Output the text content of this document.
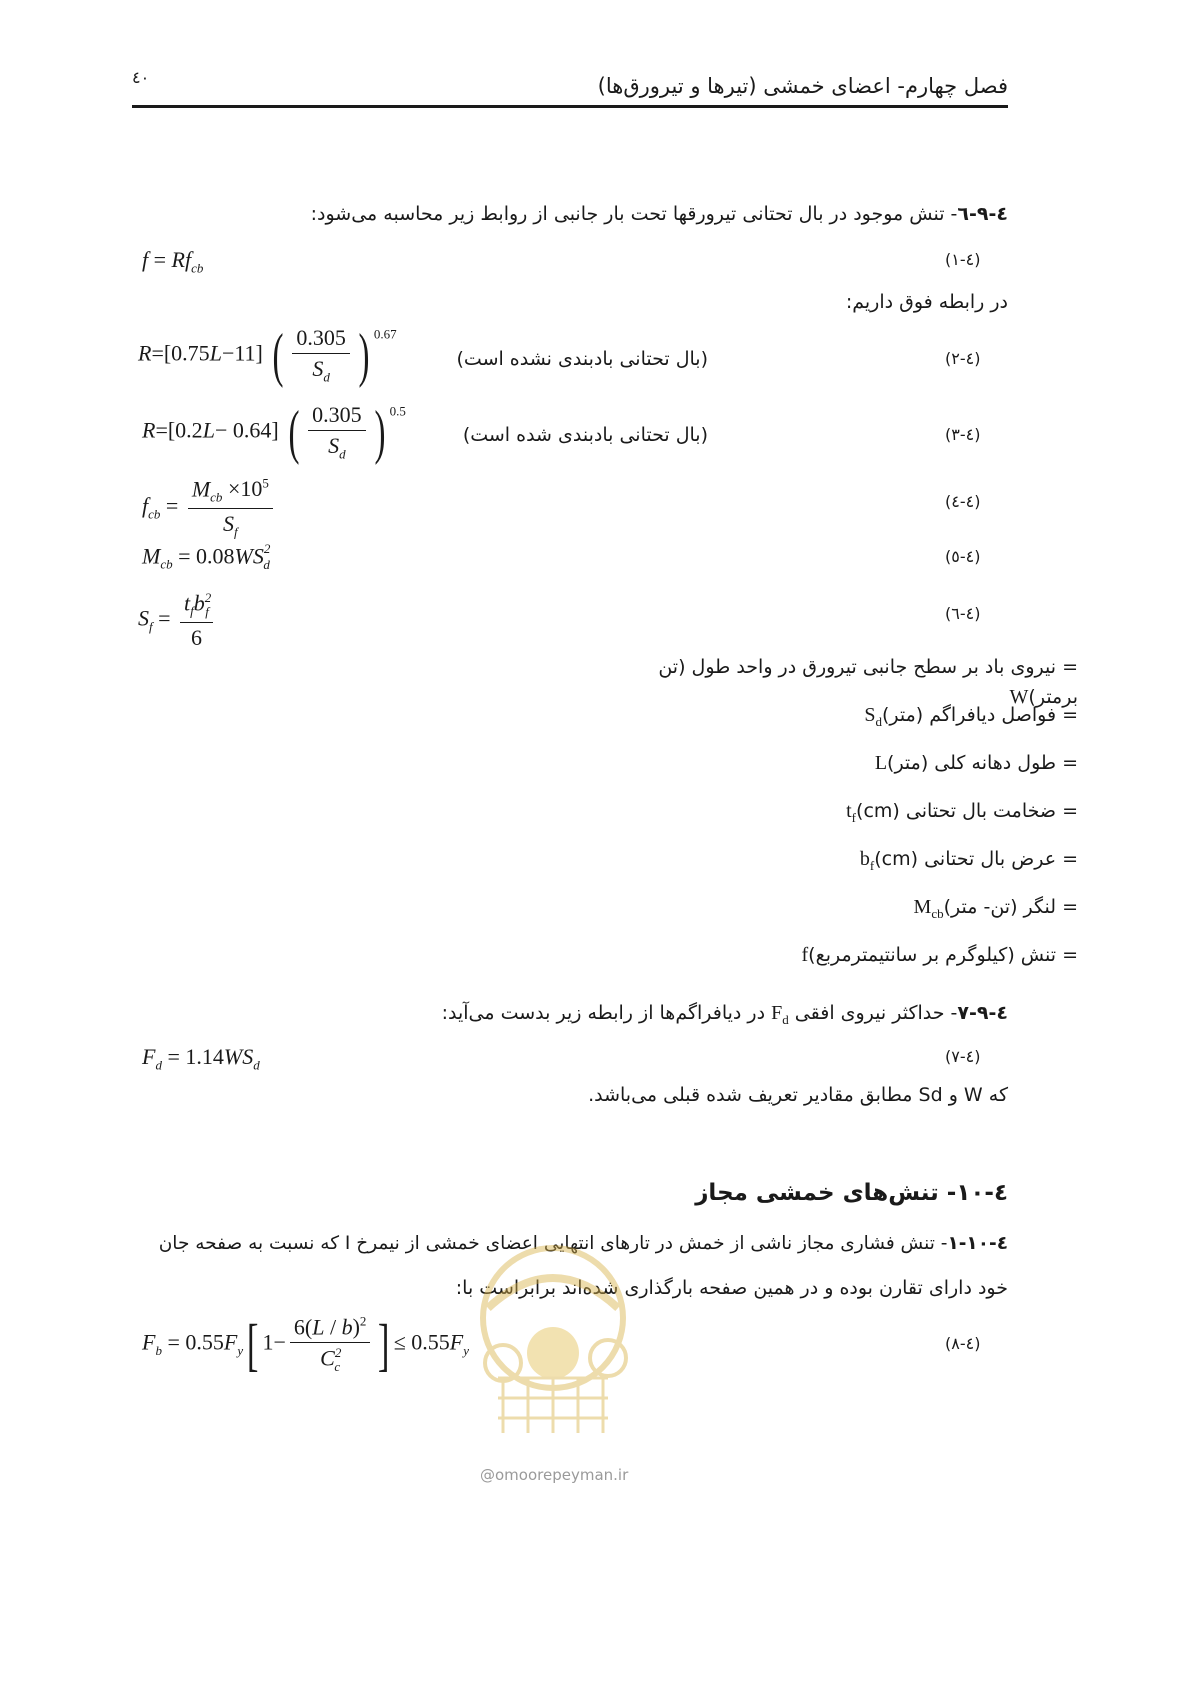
٤٠	فصل چهارم- اعضای خمشی (تیرها و تیرورق‌ها)
٤-٩-٦- تنش موجود در بال تحتانی تیرورقها تحت بار جانبی از روابط زیر محاسبه می‌شود:
$f = Rf_{cb}$	(٤-١)
در رابطه فوق داریم:
R=[0.75L−11] ( $\frac{0.305}{S_d}$ ) $^{0.67}$
(بال تحتانی بادبندی نشده است)	(٤-٢)
R=[0.2L− 0.64] ( $\frac{0.305}{S_d}$ ) $^{0.5}$
(بال تحتانی بادبندی شده است)	(٤-٣)
$f_{cb} = \frac{M_{cb} \times 10^5}{S_f}$	(٤-٤)
$M_{cb} = 0.08WS^2_d$	(٤-٥)
$S_f = \frac{t_fb^2_f}{6}$	(٤-٦)
= نیروی باد بر سطح جانبی تیرورق در واحد طول (تن برمتر)W
= فواصل دیافراگم $(متر)S_d$
= طول دهانه کلی (متر)L
= ضخامت بال تحتانی $(cm)t_f$
= عرض بال تحتانی $(cm)b_f$
= لنگر (تن- $متر)M_{cb}$
= تنش (کیلوگرم بر سانتیمترمربع)f
٤-٩-٧- حداکثر نیروی افقی $F_d$ در دیافراگم‌ها از رابطه زیر بدست می‌آید:
$F_d = 1.14WS_d$	(٤-٧)
که W و Sd مطابق مقادیر تعریف شده قبلی می‌باشد.
٤-١٠- تنش‌های خمشی مجاز
٤-١٠-١- تنش فشاری مجاز ناشی از خمش در تارهای انتهایی اعضای خمشی از نیمرخ I که نسبت به صفحه جان
خود دارای تقارن بوده و در همین صفحه بارگذاری شده‌اند برابراست با:
$F_b = 0.55F_y$[ $1- \frac{6(L / b)^2}{C^2_c}$ ] ≤ $0.55F_y$	(٤-٨)
@omoorepeyman.ir
